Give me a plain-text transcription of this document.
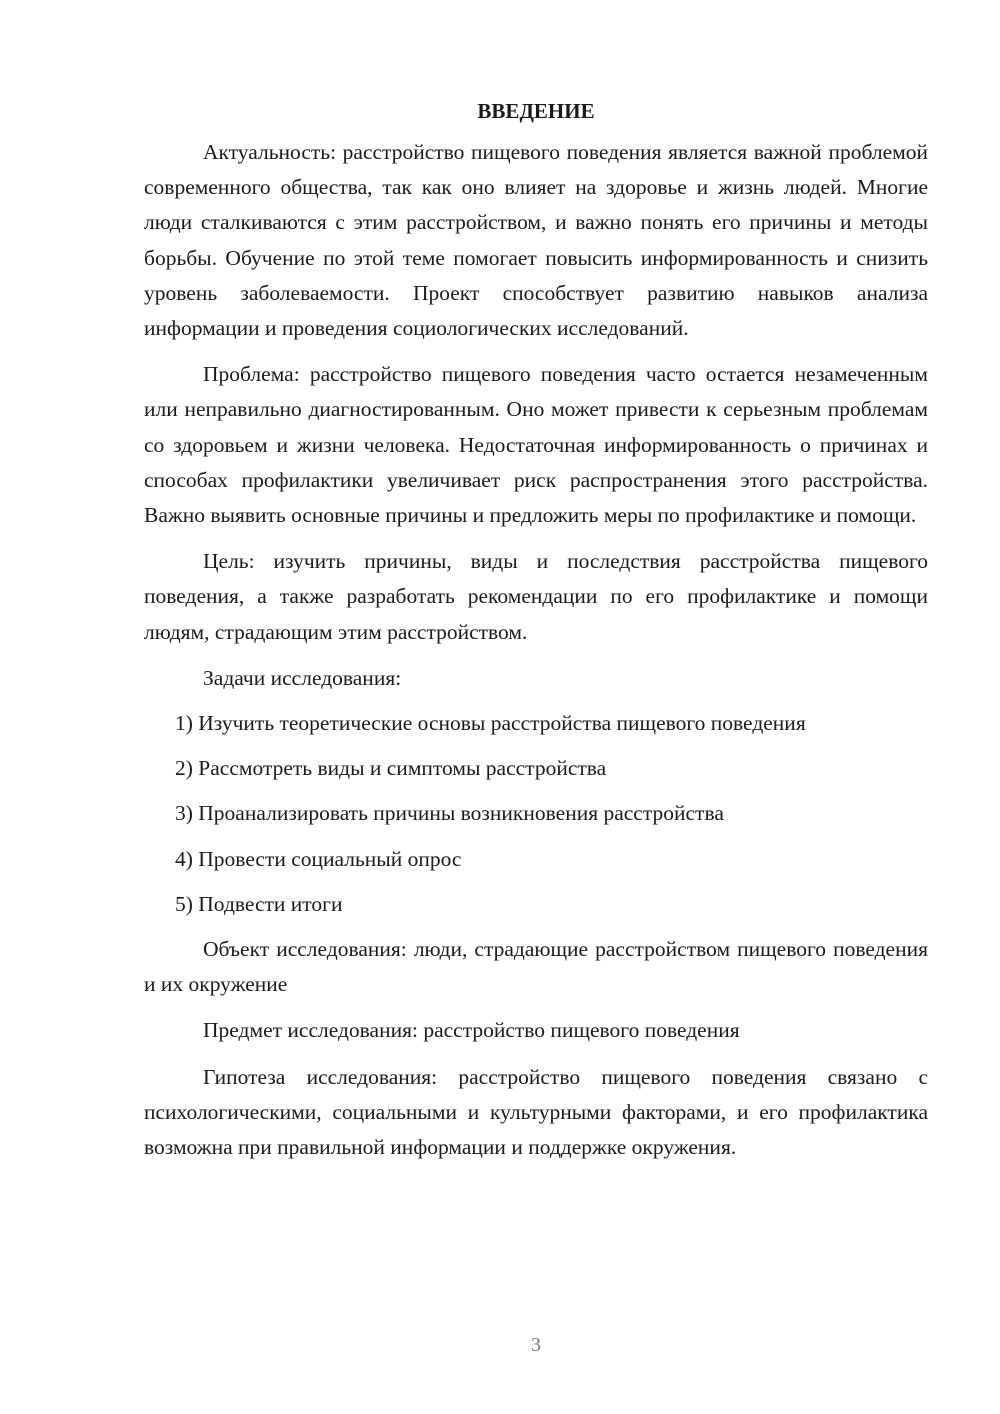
ВВЕДЕНИЕ

Актуальность: расстройство пищевого поведения является важной проблемой современного общества, так как оно влияет на здоровье и жизнь людей. Многие люди сталкиваются с этим расстройством, и важно понять его причины и методы борьбы. Обучение по этой теме помогает повысить информированность и снизить уровень заболеваемости. Проект способствует развитию навыков анализа информации и проведения социологических исследований.

Проблема: расстройство пищевого поведения часто остается незамеченным или неправильно диагностированным. Оно может привести к серьезным проблемам со здоровьем и жизни человека. Недостаточная информированность о причинах и способах профилактики увеличивает риск распространения этого расстройства. Важно выявить основные причины и предложить меры по профилактике и помощи.

Цель: изучить причины, виды и последствия расстройства пищевого поведения, а также разработать рекомендации по его профилактике и помощи людям, страдающим этим расстройством.

Задачи исследования:
1) Изучить теоретические основы расстройства пищевого поведения
2) Рассмотреть виды и симптомы расстройства
3) Проанализировать причины возникновения расстройства
4) Провести социальный опрос
5) Подвести итоги

Объект исследования: люди, страдающие расстройством пищевого поведения и их окружение

Предмет исследования: расстройство пищевого поведения

Гипотеза исследования: расстройство пищевого поведения связано с психологическими, социальными и культурными факторами, и его профилактика возможна при правильной информации и поддержке окружения.

3
